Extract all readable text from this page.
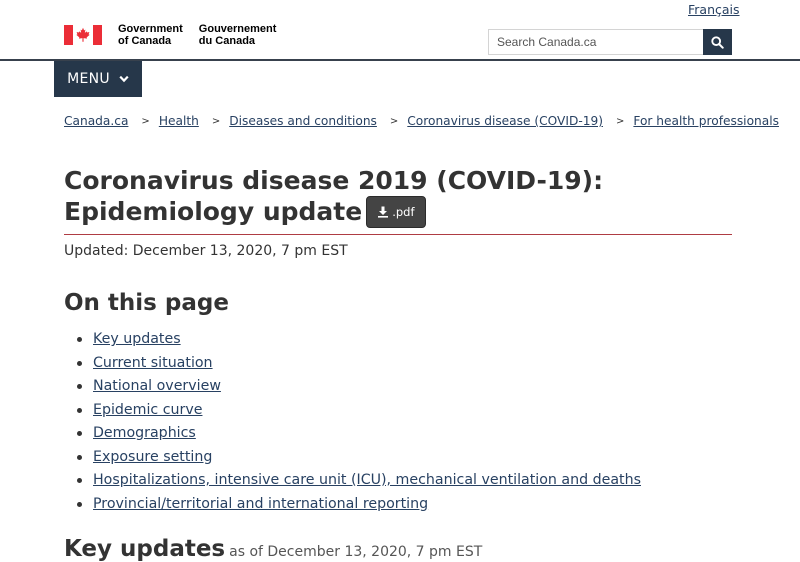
Français
Government
of Canada
Gouvernement
du Canada
Search Canada.ca
MENU
Canada.ca > Health > Diseases and conditions > Coronavirus disease (COVID-19) > For health professionals
Coronavirus disease 2019 (COVID-19): Epidemiology update	.pdf
Updated: December 13, 2020, 7 pm EST
On this page
Key updates
Current situation
National overview
Epidemic curve
Demographics
Exposure setting
Hospitalizations, intensive care unit (ICU), mechanical ventilation and deaths
Provincial/territorial and international reporting
Key updates as of December 13, 2020, 7 pm EST
